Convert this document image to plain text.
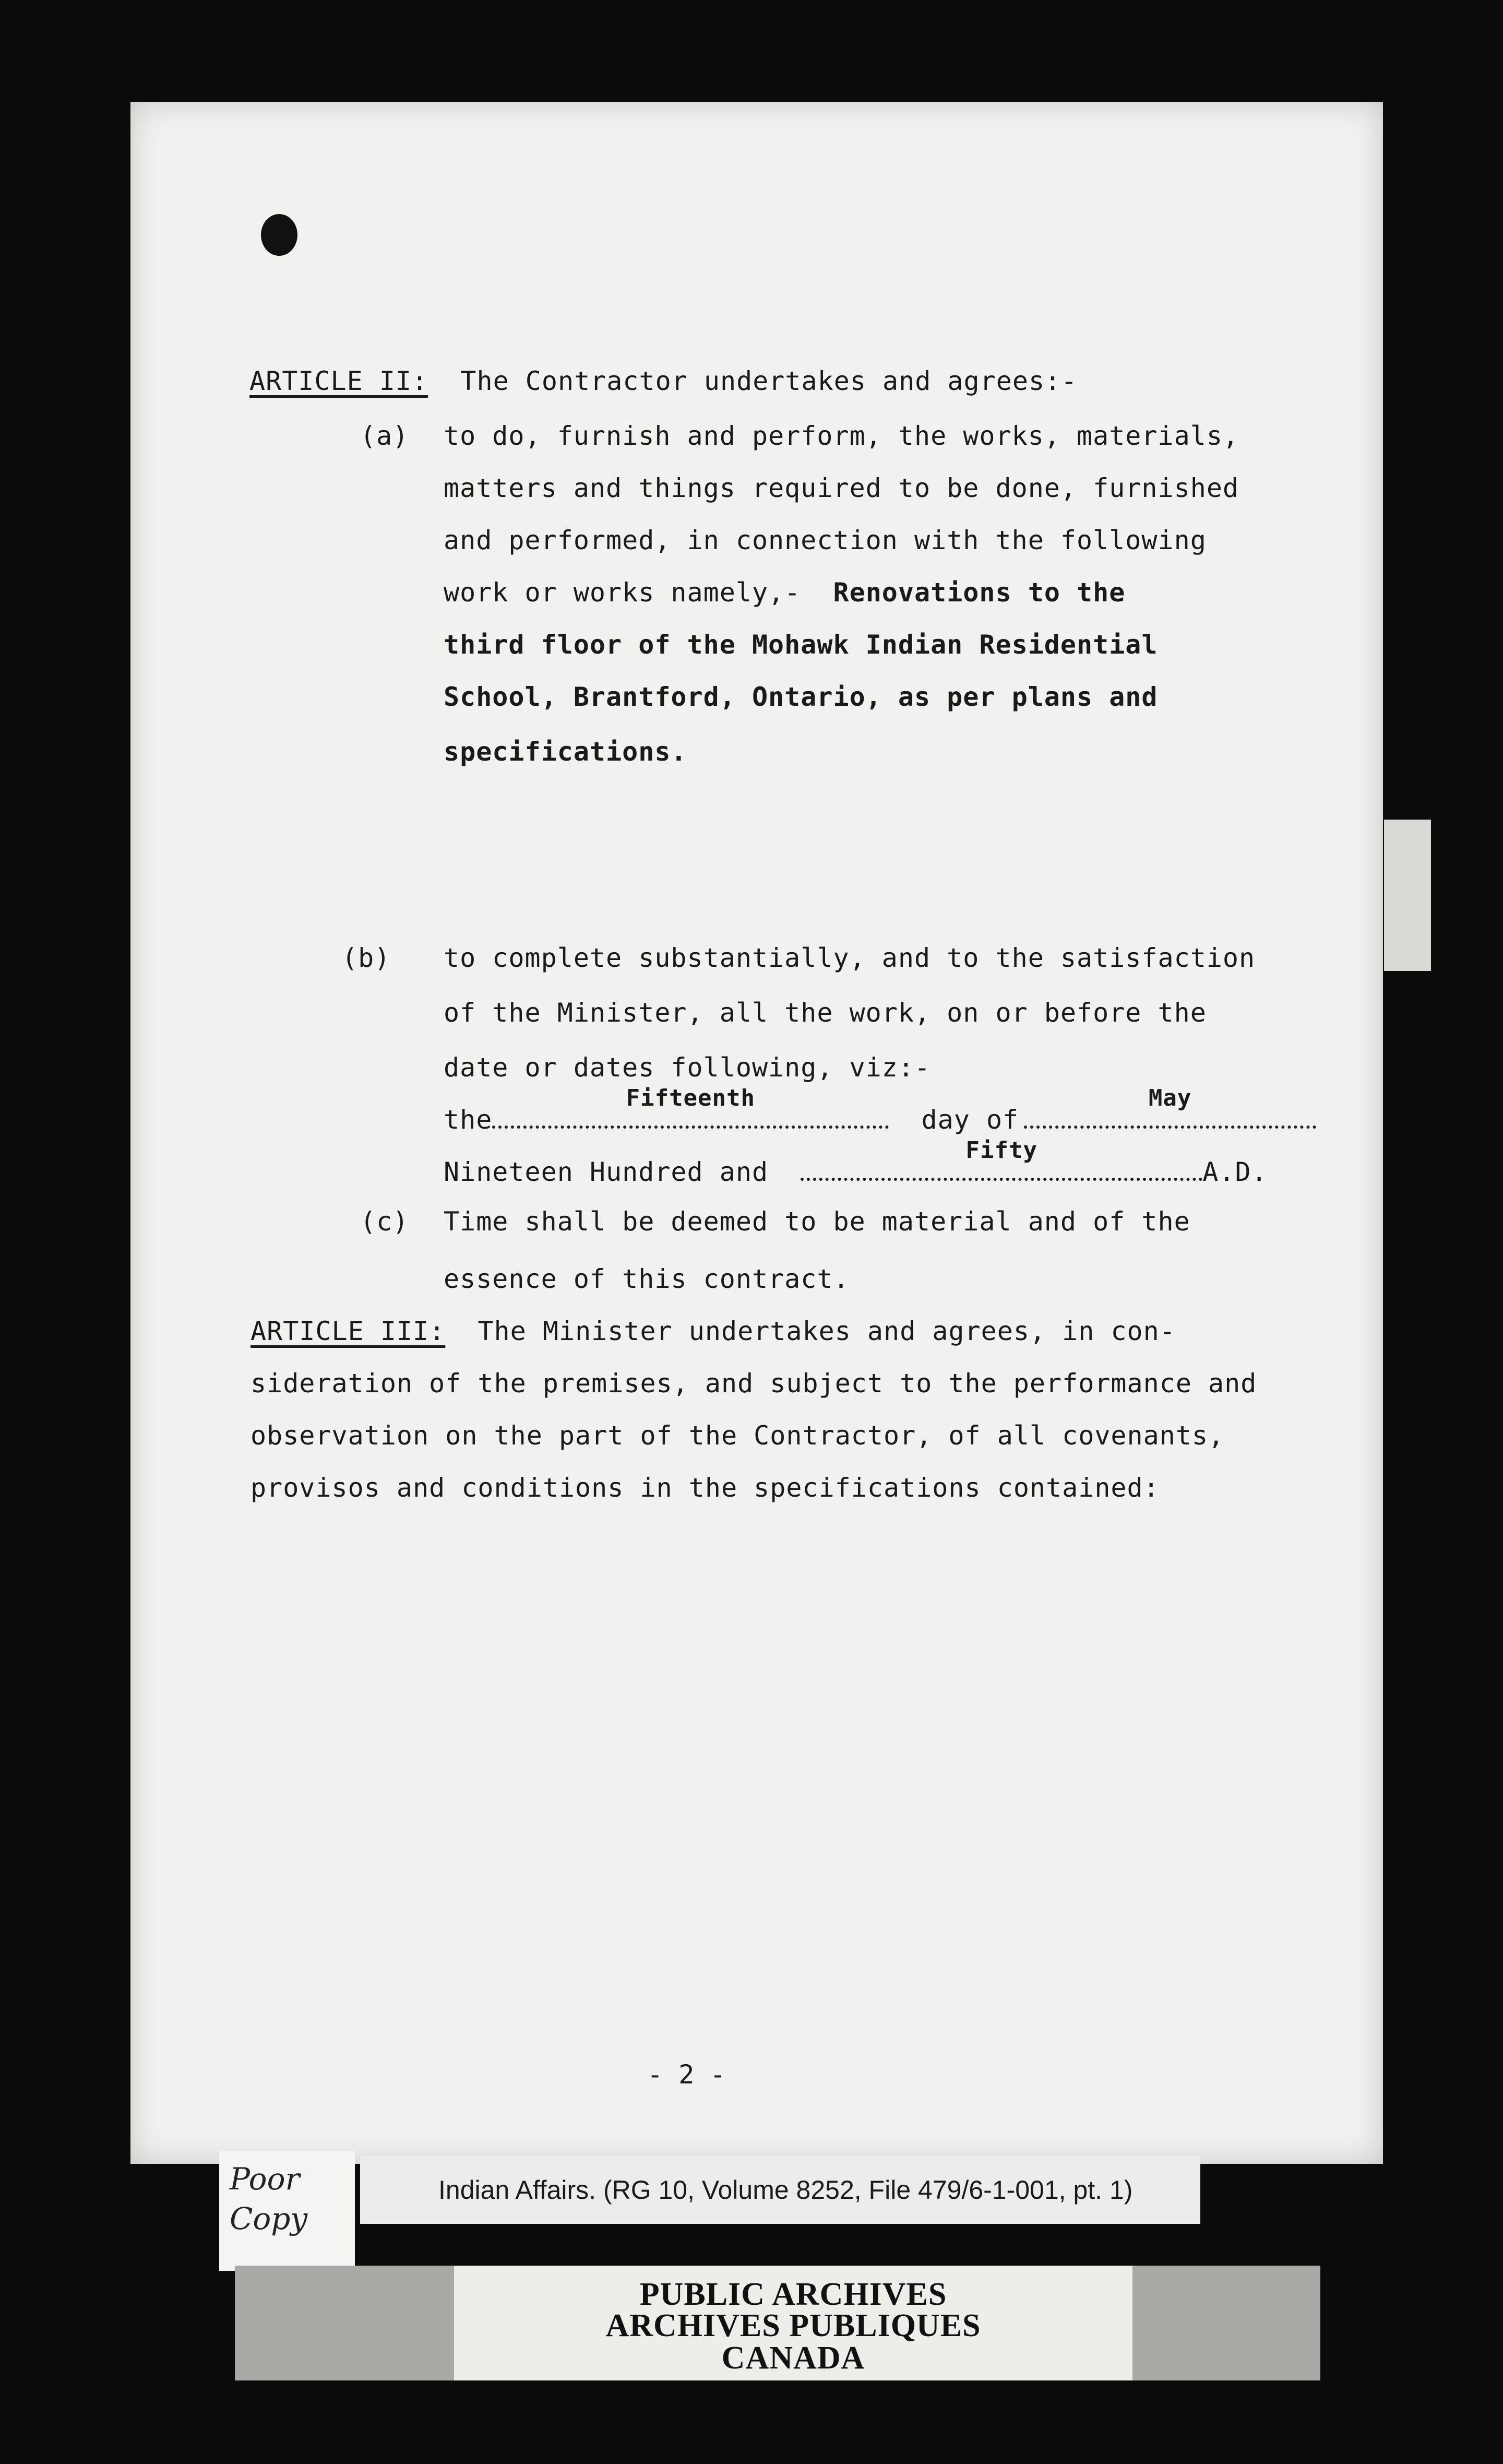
ARTICLE II: The Contractor undertakes and agrees:-
(a) to do, furnish and perform, the works, materials,
matters and things required to be done, furnished
and performed, in connection with the following
work or works namely,- Renovations to the
third floor of the Mohawk Indian Residential
School, Brantford, Ontario, as per plans and
specifications.
(b) to complete substantially, and to the satisfaction
of the Minister, all the work, on or before the
date or dates following, viz:-
the
Fifteenth
day of
May
Nineteen Hundred and
Fifty
A.D.
(c) Time shall be deemed to be material and of the
essence of this contract.
ARTICLE III: The Minister undertakes and agrees, in con-
sideration of the premises, and subject to the performance and
observation on the part of the Contractor, of all covenants,
provisos and conditions in the specifications contained:
- 2 -
Poor
Copy
Indian Affairs. (RG 10, Volume 8252, File 479/6-1-001, pt. 1)
PUBLIC ARCHIVES
ARCHIVES PUBLIQUES
CANADA
